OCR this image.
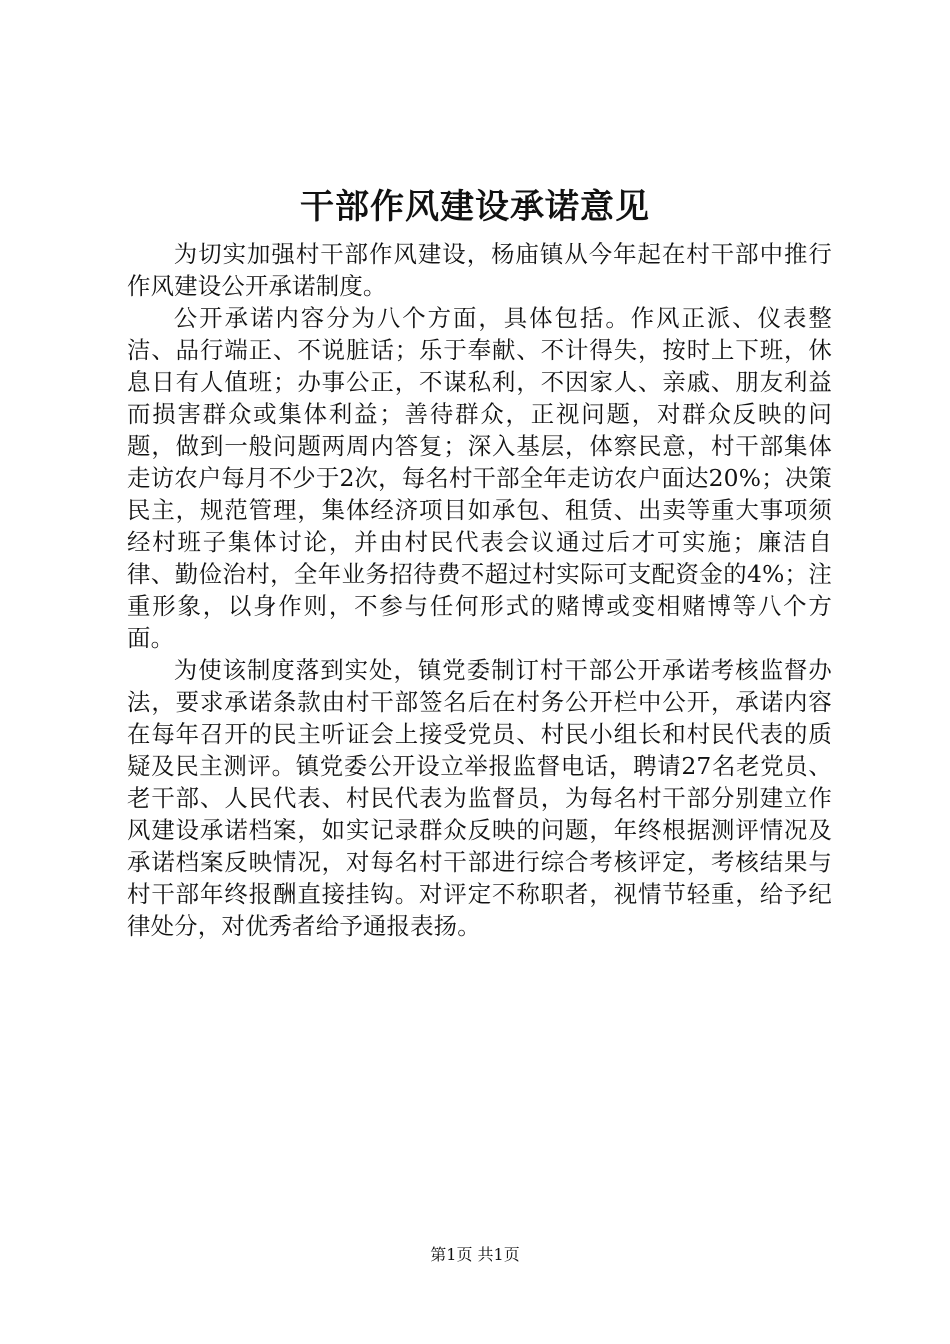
干部作风建设承诺意见

为切实加强村干部作风建设，杨庙镇从今年起在村干部中推行作风建设公开承诺制度。

公开承诺内容分为八个方面，具体包括。作风正派、仪表整洁、品行端正、不说脏话；乐于奉献、不计得失，按时上下班，休息日有人值班；办事公正，不谋私利，不因家人、亲戚、朋友利益而损害群众或集体利益；善待群众，正视问题，对群众反映的问题，做到一般问题两周内答复；深入基层，体察民意，村干部集体走访农户每月不少于2次，每名村干部全年走访农户面达20%；决策民主，规范管理，集体经济项目如承包、租赁、出卖等重大事项须经村班子集体讨论，并由村民代表会议通过后才可实施；廉洁自律、勤俭治村，全年业务招待费不超过村实际可支配资金的4%；注重形象，以身作则，不参与任何形式的赌博或变相赌博等八个方面。

为使该制度落到实处，镇党委制订村干部公开承诺考核监督办法，要求承诺条款由村干部签名后在村务公开栏中公开，承诺内容在每年召开的民主听证会上接受党员、村民小组长和村民代表的质疑及民主测评。镇党委公开设立举报监督电话，聘请27名老党员、老干部、人民代表、村民代表为监督员，为每名村干部分别建立作风建设承诺档案，如实记录群众反映的问题，年终根据测评情况及承诺档案反映情况，对每名村干部进行综合考核评定，考核结果与村干部年终报酬直接挂钩。对评定不称职者，视情节轻重，给予纪律处分，对优秀者给予通报表扬。

第1页 共1页
